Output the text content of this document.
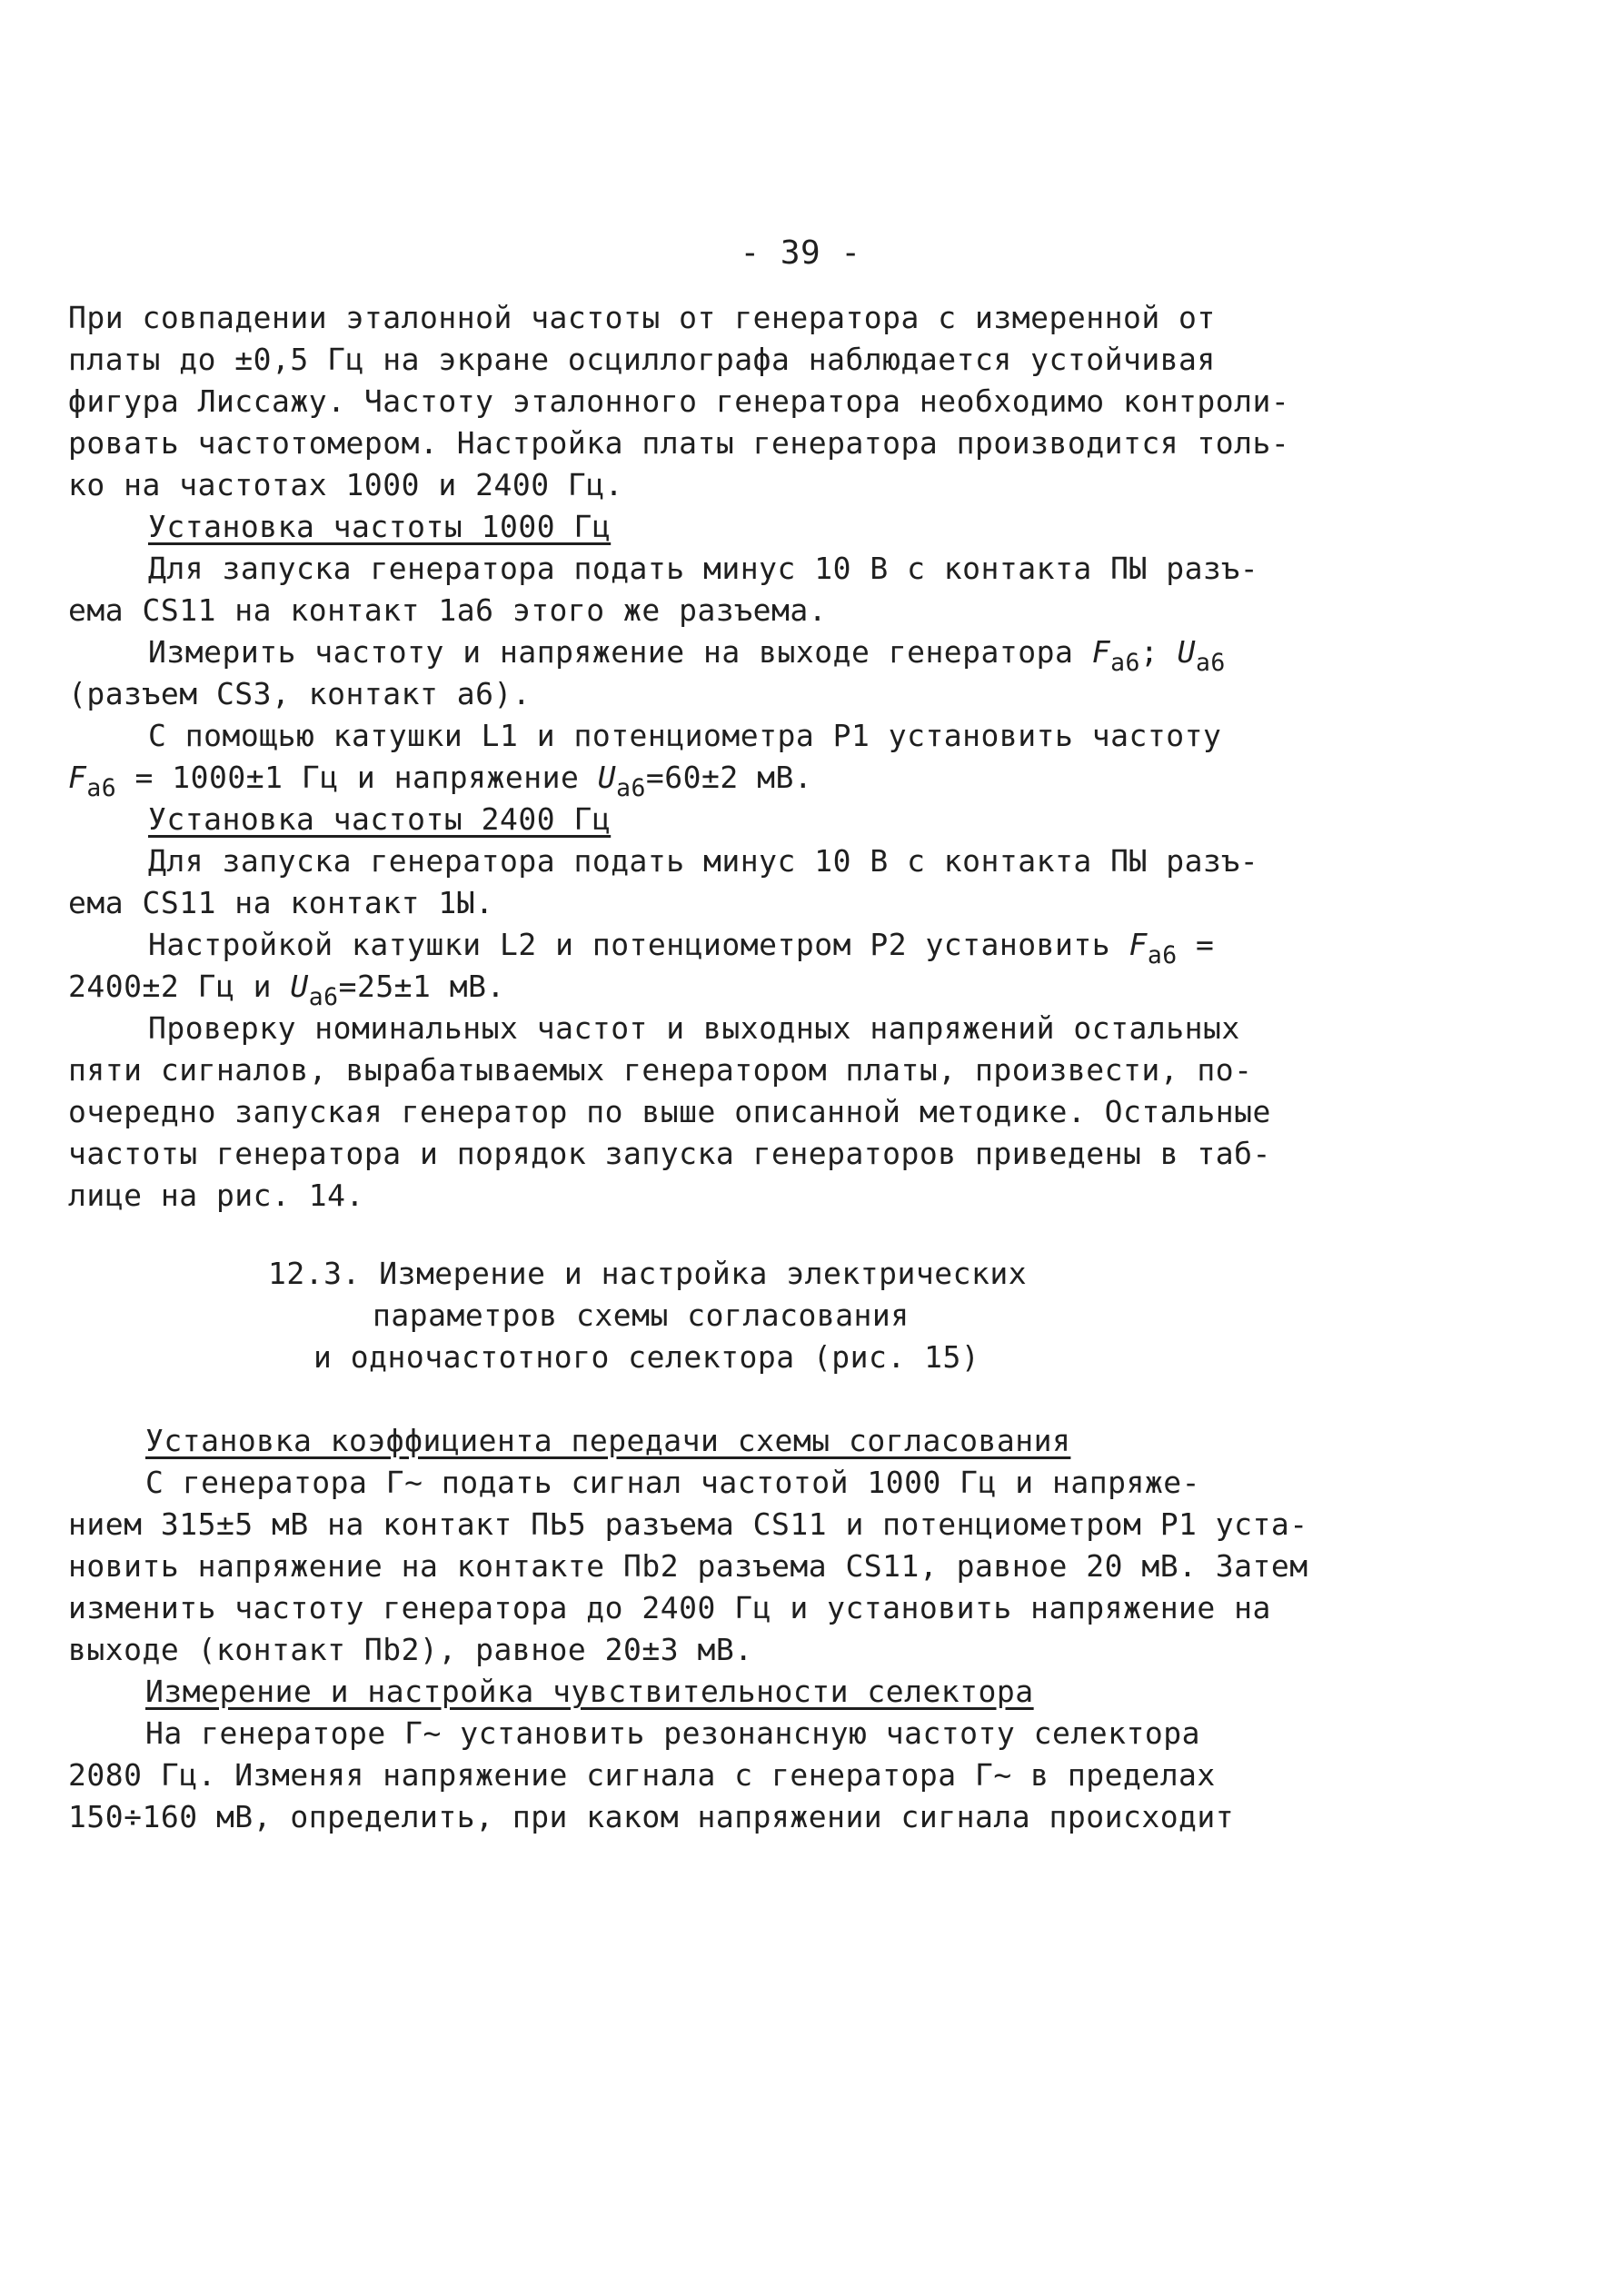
- 39 -
При совпадении эталонной частоты от генератора с измеренной от
платы до ±0,5 Гц на экране осциллографа наблюдается устойчивая
фигура Лиссажу. Частоту эталонного генератора необходимо контроли-
ровать частотомером. Настройка платы генератора производится толь-
ко на частотах 1000 и 2400 Гц.
Установка частоты 1000 Гц
Для запуска генератора подать минус 10 В с контакта ПЫ разъ-
ема CS11 на контакт 1а6 этого же разъема.
Измерить частоту и напряжение на выходе генератора $F_{а6}$; $U_{а6}$
(разъем CS3, контакт а6).
С помощью катушки L1 и потенциометра Р1 установить частоту
$F_{а6} = 1000\pm 1$ Гц и напряжение $U_{а6}=60\pm 2$ мВ.
Установка частоты 2400 Гц
Для запуска генератора подать минус 10 В с контакта ПЫ разъ-
ема CS11 на контакт 1Ы.
Настройкой катушки L2 и потенциометром Р2 установить $F_{а6}$ =
2400±2 Гц и $U_{а6}=25\pm 1$ мВ.
Проверку номинальных частот и выходных напряжений остальных
пяти сигналов, вырабатываемых генератором платы, произвести, по-
очередно запуская генератор по выше описанной методике. Остальные
частоты генератора и порядок запуска генераторов приведены в таб-
лице на рис. 14.
12.3. Измерение и настройка электрических
параметров схемы согласования
и одночастотного селектора (рис. 15)
Установка коэффициента передачи схемы согласования
С генератора Г~ подать сигнал частотой 1000 Гц и напряже-
нием 315±5 мВ на контакт ПЬ5 разъема CS11 и потенциометром Р1 уста-
новить напряжение на контакте Пb2 разъема CS11, равное 20 мВ. Затем
изменить частоту генератора до 2400 Гц и установить напряжение на
выходе (контакт Пb2), равное 20±3 мВ.
Измерение и настройка чувствительности селектора
На генераторе Г~ установить резонансную частоту селектора
2080 Гц. Изменяя напряжение сигнала с генератора Г~ в пределах
150÷160 мВ, определить, при каком напряжении сигнала происходит
